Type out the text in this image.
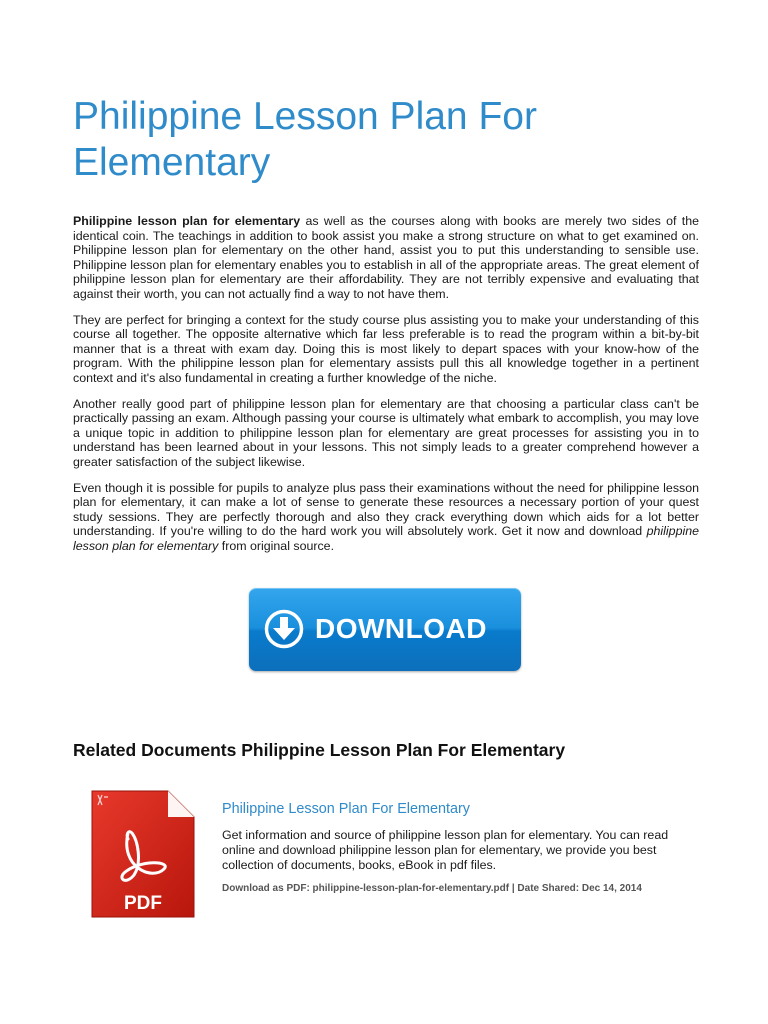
Philippine Lesson Plan For Elementary

Philippine lesson plan for elementary as well as the courses along with books are merely two sides of the identical coin. The teachings in addition to book assist you make a strong structure on what to get examined on. Philippine lesson plan for elementary on the other hand, assist you to put this understanding to sensible use. Philippine lesson plan for elementary enables you to establish in all of the appropriate areas. The great element of philippine lesson plan for elementary are their affordability. They are not terribly expensive and evaluating that against their worth, you can not actually find a way to not have them.

They are perfect for bringing a context for the study course plus assisting you to make your understanding of this course all together. The opposite alternative which far less preferable is to read the program within a bit-by-bit manner that is a threat with exam day. Doing this is most likely to depart spaces with your know-how of the program. With the philippine lesson plan for elementary assists pull this all knowledge together in a pertinent context and it's also fundamental in creating a further knowledge of the niche.

Another really good part of philippine lesson plan for elementary are that choosing a particular class can't be practically passing an exam. Although passing your course is ultimately what embark to accomplish, you may love a unique topic in addition to philippine lesson plan for elementary are great processes for assisting you in to understand has been learned about in your lessons. This not simply leads to a greater comprehend however a greater satisfaction of the subject likewise.

Even though it is possible for pupils to analyze plus pass their examinations without the need for philippine lesson plan for elementary, it can make a lot of sense to generate these resources a necessary portion of your quest study sessions. They are perfectly thorough and also they crack everything down which aids for a lot better understanding. If you're willing to do the hard work you will absolutely work. Get it now and download philippine lesson plan for elementary from original source.

DOWNLOAD
Related Documents Philippine Lesson Plan For Elementary
PDF
Philippine Lesson Plan For Elementary
Get information and source of philippine lesson plan for elementary. You can read online and download philippine lesson plan for elementary, we provide you best collection of documents, books, eBook in pdf files.
Download as PDF: philippine-lesson-plan-for-elementary.pdf | Date Shared: Dec 14, 2014
